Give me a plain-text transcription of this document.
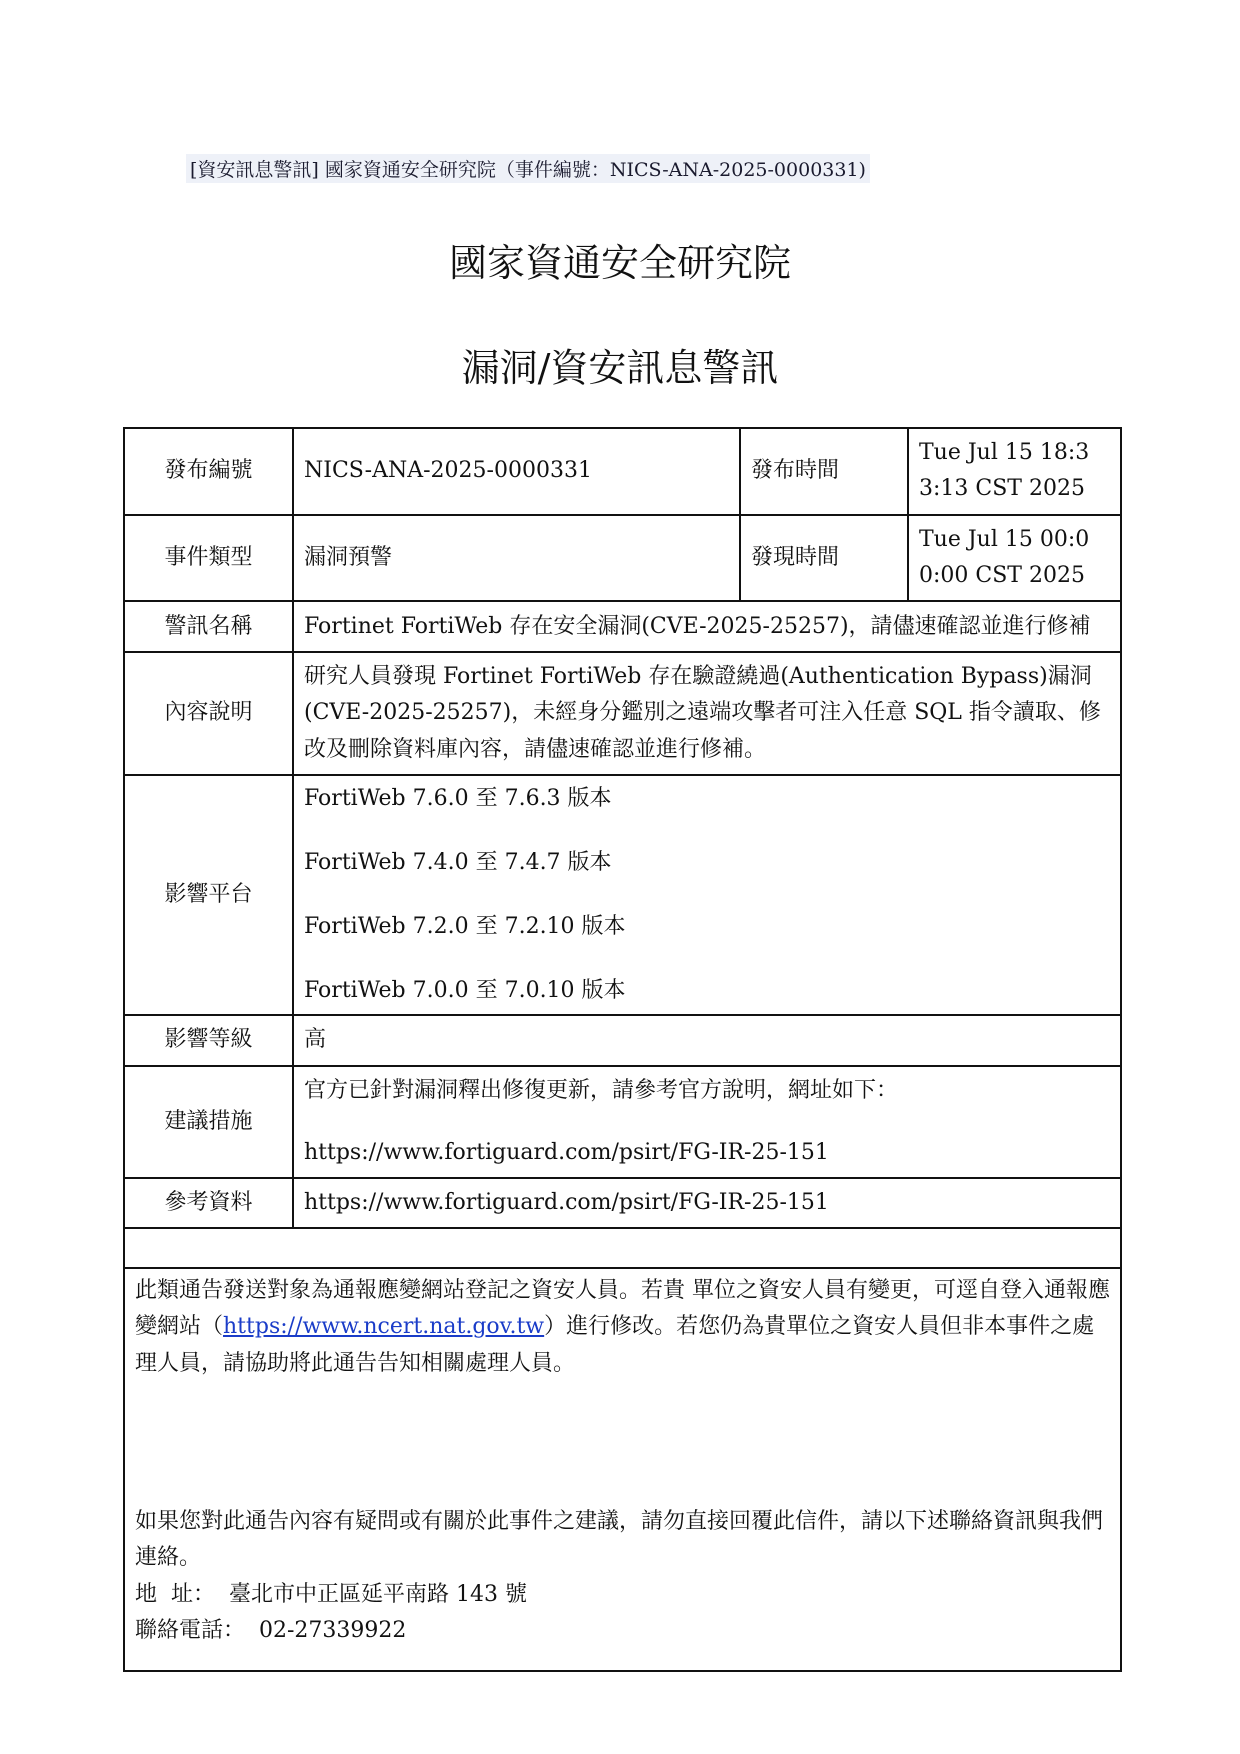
[資安訊息警訊] 國家資通安全研究院（事件編號：NICS-ANA-2025-0000331)
國家資通安全研究院
漏洞/資安訊息警訊
發布編號	NICS-ANA-2025-0000331	發布時間	Tue Jul 15 18:33:13 CST 2025
事件類型	漏洞預警	發現時間	Tue Jul 15 00:00:00 CST 2025
警訊名稱	Fortinet FortiWeb 存在安全漏洞(CVE-2025-25257)，請儘速確認並進行修補		
內容說明	研究人員發現 Fortinet FortiWeb 存在驗證繞過(Authentication Bypass)漏洞(CVE-2025-25257)，未經身分鑑別之遠端攻擊者可注入任意 SQL 指令讀取、修改及刪除資料庫內容，請儘速確認並進行修補。		
影響平台	FortiWeb 7.6.0 至 7.6.3 版本
FortiWeb 7.4.0 至 7.4.7 版本
FortiWeb 7.2.0 至 7.2.10 版本
FortiWeb 7.0.0 至 7.0.10 版本		

影響等級	高		
建議措施	官方已針對漏洞釋出修復更新，請參考官方說明，網址如下：
https://www.fortiguard.com/psirt/FG-IR-25-151		

參考資料	https://www.fortiguard.com/psirt/FG-IR-25-151		

此類通告發送對象為通報應變網站登記之資安人員。若貴 單位之資安人員有變更，可逕自登入通報應變網站（https://www.ncert.nat.gov.tw）進行修改。若您仍為貴單位之資安人員但非本事件之處理人員，請協助將此通告告知相關處理人員。
如果您對此通告內容有疑問或有關於此事件之建議，請勿直接回覆此信件，請以下述聯絡資訊與我們連絡。
地  址：  臺北市中正區延平南路 143 號
聯絡電話：  02-27339922			
